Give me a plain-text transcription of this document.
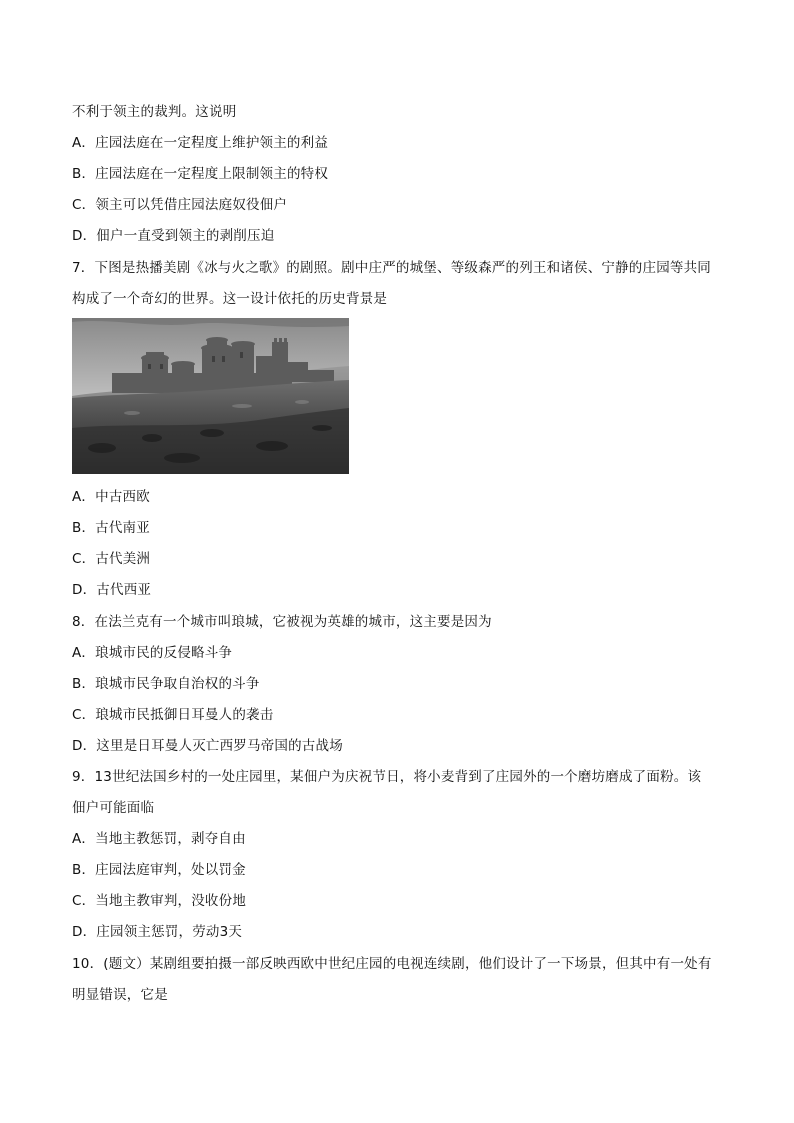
不利于领主的裁判。这说明
A．庄园法庭在一定程度上维护领主的利益
B．庄园法庭在一定程度上限制领主的特权
C．领主可以凭借庄园法庭奴役佃户
D．佃户一直受到领主的剥削压迫
7．下图是热播美剧《冰与火之歌》的剧照。剧中庄严的城堡、等级森严的列王和诸侯、宁静的庄园等共同
构成了一个奇幻的世界。这一设计依托的历史背景是
A．中古西欧
B．古代南亚
C．古代美洲
D．古代西亚
8．在法兰克有一个城市叫琅城，它被视为英雄的城市，这主要是因为
A．琅城市民的反侵略斗争
B．琅城市民争取自治权的斗争
C．琅城市民抵御日耳曼人的袭击
D．这里是日耳曼人灭亡西罗马帝国的古战场
9．13世纪法国乡村的一处庄园里，某佃户为庆祝节日，将小麦背到了庄园外的一个磨坊磨成了面粉。该
佃户可能面临
A．当地主教惩罚，剥夺自由
B．庄园法庭审判，处以罚金
C．当地主教审判，没收份地
D．庄园领主惩罚，劳动3天
10．(题文）某剧组要拍摄一部反映西欧中世纪庄园的电视连续剧，他们设计了一下场景，但其中有一处有
明显错误，它是
